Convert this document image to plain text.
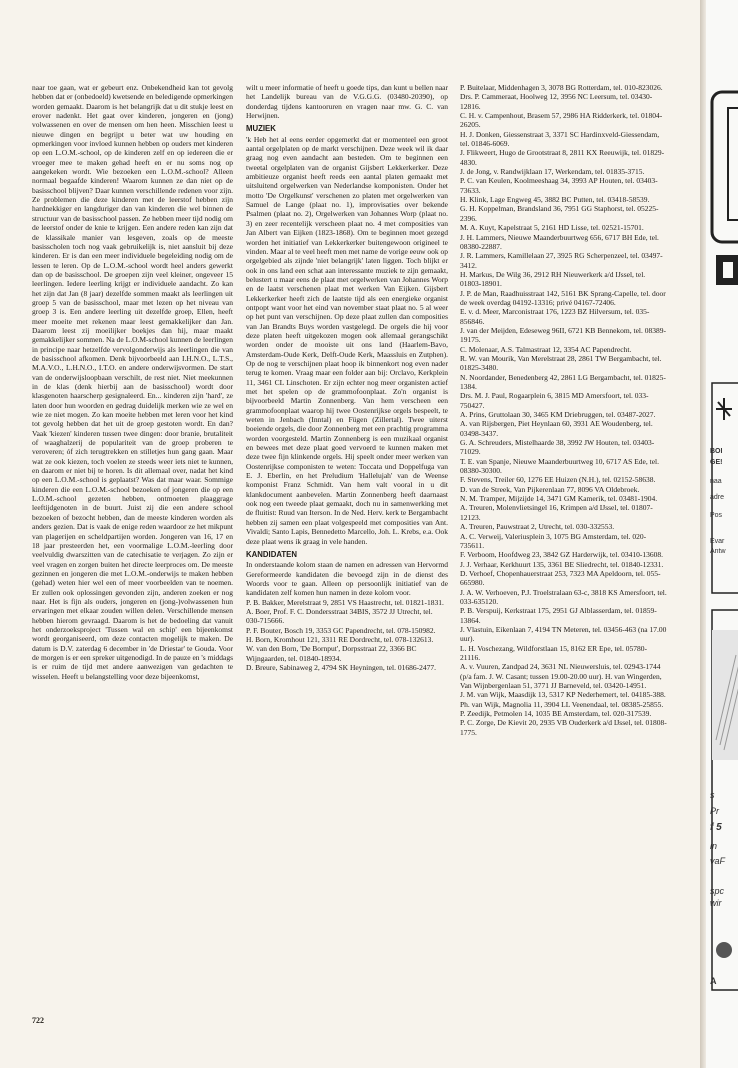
naar toe gaan, wat er gebeurt enz. Onbekendheid kan tot gevolg hebben dat er (onbedoeld) kwetsende en beledigende opmerkingen worden gemaakt. Daarom is het belangrijk dat u dit stukje leest en erover nadenkt. Het gaat over kinderen, jongeren en (jong) volwassenen en over de mensen om hen heen. Misschien leest u nieuwe dingen en begrijpt u beter wat uw houding en opmerkingen voor invloed kunnen hebben op ouders met kinderen op een L.O.M.-school, op de kinderen zelf en op iedereen die er vroeger mee te maken gehad heeft en er nu soms nog op aangekeken wordt. Wie bezoeken een L.O.M.-school? Alleen normaal begaafde kinderen! Waarom kunnen ze dan niet op de basisschool blijven? Daar kunnen verschillende redenen voor zijn. Ze problemen die deze kinderen met de leerstof hebben zijn hardnekkiger en langduriger dan van kinderen die wel binnen de structuur van de basisschool passen. Ze hebben meer tijd nodig om de leerstof onder de knie te krijgen. Een andere reden kan zijn dat de klassikale manier van lesgeven, zoals op de meeste basisscholen toch nog vaak gebruikelijk is, niet aansluit bij deze kinderen. Er is dan een meer individuele begeleiding nodig om de lessen te leren. Op de L.O.M.-school wordt heel anders gewerkt dan op de basisschool. De groepen zijn veel kleiner, ongeveer 15 leerlingen. Iedere leerling krijgt er individuele aandacht. Zo kan het zijn dat Jan (8 jaar) dezelfde sommen maakt als leerlingen uit groep 5 van de basisschool, maar met lezen op het niveau van groep 3 is. Een andere leerling uit dezelfde groep, Ellen, heeft meer moeite met rekenen maar leest gemakkelijker dan Jan. Daarom leest zij moeilijker boekjes dan hij, maar maakt gemakkelijker sommen. Na de L.O.M-school kunnen de leerlingen in principe naar hetzelfde vervolgonderwijs als leerlingen die van de basisschool afkomen. Denk bijvoorbeeld aan I.H.N.O., L.T.S., M.A.V.O., L.H.N.O., I.T.O. en andere onderwijsvormen. De start van de onderwijsloopbaan verschilt, de rest niet. Niet meekunnen in de klas (denk hierbij aan de basisschool) wordt door klasgenoten haarscherp gesignaleerd. En... kinderen zijn 'hard', ze laten door hun woorden en gedrag duidelijk merken wie ze wel en wie ze niet mogen. Zo kan moeite hebben met leren voor het kind tot gevolg hebben dat het uit de groep gestoten wordt. En dan? Vaak 'kiezen' kinderen tussen twee dingen: door branie, brutaliteit of waaghalzerij de populariteit van de groep proberen te veroveren; óf zich terugtrekken en stilletjes hun gang gaan. Maar wat ze ook kiezen, toch voelen ze steeds weer iets niet te kunnen, en daarom er niet bij te horen. Is dit allemaal over, nadat het kind op een L.O.M.-school is geplaatst? Was dat maar waar. Sommige kinderen die een L.O.M.-school bezoeken of jongeren die op een L.O.M.-school gezeten hebben, ontmoeten plaaggrage leeftijdgenoten in de buurt. Juist zij die een andere school bezoeken of bezocht hebben, dan de meeste kinderen worden als anders gezien. Dat is vaak de enige reden waardoor ze het mikpunt van plagerijen en scheldpartijen worden. Jongeren van 16, 17 en 18 jaar presteerden het, een voormalige L.O.M.-leerling door veelvuldig dwarszitten van de catechisatie te verjagen. Zo zijn er veel vragen en zorgen buiten het directe leerproces om. De meeste gezinnen en jongeren die met L.O.M.-onderwijs te maken hebben (gehad) weten hier wel een of meer voorbeelden van te noemen. Er zullen ook oplossingen gevonden zijn, anderen zoeken er nog naar. Het is fijn als ouders, jongeren en (jong-)volwassenen hun ervaringen met elkaar zouden willen delen. Verschillende mensen hebben hierom gevraagd. Daarom is het de bedoeling dat vanuit het onderzoeksproject 'Tussen wal en schip' een bijeenkomst wordt georganiseerd, om deze contacten mogelijk te maken. De datum is D.V. zaterdag 6 december in 'de Driestar' te Gouda. Voor de morgen is er een spreker uitgenodigd. In de pauze en 's middags is er ruim de tijd met andere aanwezigen van gedachten te wisselen. Heeft u belangstelling voor deze bijeenkomst,

wilt u meer informatie of heeft u goede tips, dan kunt u bellen naar het Landelijk bureau van de V.G.G.G. (03480-20390), op donderdag tijdens kantooruren en vragen naar mw. G. C. van Herwijnen.

MUZIEK

'k Heb het al eens eerder opgemerkt dat er momenteel een groot aantal orgelplaten op de markt verschijnen. Deze week wil ik daar graag nog even aandacht aan besteden. Om te beginnen een tweetal orgelplaten van de organist Gijsbert Lekkerkerker. Deze ambitieuze organist heeft reeds een aantal platen gemaakt met uitsluitend orgelwerken van Nederlandse komponisten. Onder het motto 'De Orgelkunst' verschenen zo platen met orgelwerken van Samuel de Lange (plaat no. 1), improvisaties over bekende Psalmen (plaat no. 2), Orgelwerken van Johannes Worp (plaat no. 3) en zeer recentelijk verscheen plaat no. 4 met composities van Jan Albert van Eijken (1823-1868). Om te beginnen moet gezegd worden het initiatief van Lekkerkerker buitengewoon origineel te vinden. Maar al te veel heeft men met name de vorige eeuw ook op orgelgebied als zijnde 'niet belangrijk' laten liggen. Toch blijkt er ook in ons land een schat aan interessante muziek te zijn gemaakt, belustert u maar eens de plaat met orgelwerken van Johannes Worp en de laatst verschenen plaat met werken Van Eijken. Gijsbert Lekkerkerker heeft zich de laatste tijd als een energieke organist ontpopt want voor het eind van november staat plaat no. 5 al weer op het punt van verschijnen. Op deze plaat zullen dan composities van Jan Brandts Buys worden vastgelegd. De orgels die hij voor deze platen heeft uitgekozen mogen ook allemaal gerangschikt worden onder de mooiste uit ons land (Haarlem-Bavo, Amsterdam-Oude Kerk, Delft-Oude Kerk, Maassluis en Zutphen). Op de nog te verschijnen plaat hoop ik binnenkort nog even nader terug te komen. Vraag maar een folder aan bij: Orclavo, Kerkplein 11, 3461 CL Linschoten. Er zijn echter nog meer organisten actief met het spelen op de grammofoonplaat. Zo'n organist is bijvoorbeeld Martin Zonnenberg. Van hem verscheen een grammofoonplaat waarop hij twee Oostenrijkse orgels bespeelt, te weten in Jenbach (Inntal) en Fügen (Zillertal). Twee uiterst boeiende orgels, die door Zonnenberg met een prachtig programma worden voorgesteld. Martin Zonnenberg is een muzikaal organist en bewees met deze plaat goed vervoerd te kunnen maken met deze twee fijn klinkende orgels. Hij speelt onder meer werken van Oostenrijkse componisten te weten: Toccata und Doppelfuga van E. J. Eberlin, en het Preludium 'Hallelujah' van de Weense komponist Franz Schmidt. Van hem valt vooral in u dit klankdocument aanbevelen. Martin Zonnenberg heeft daarnaast ook nog een tweede plaat gemaakt, doch nu in samenwerking met de fluitist: Ruud van Iterson. In de Ned. Herv. kerk te Bergambacht hebben zij samen een plaat volgespeeld met composities van Ant. Vivaldi; Santo Lapis, Bennedetto Marcello, Joh. L. Krebs, e.a. Ook deze plaat wens ik graag in vele handen.

KANDIDATEN

In onderstaande kolom staan de namen en adressen van Hervormd Gereformeerde kandidaten die bevoegd zijn in de dienst des Woords voor te gaan. Alleen op persoonlijk initiatief van de kandidaten zelf komen hun namen in deze kolom voor.

P. B. Bakker, Merelstraat 9, 2851 VS Haastrecht, tel. 01821-1831.

A. Boer, Prof. F. C. Dondersstraat 34BIS, 3572 JJ Utrecht, tel. 030-715666.

P. F. Bouter, Bosch 19, 3353 GC Papendrecht, tel. 078-150982.

H. Born, Kromhout 121, 3311 RE Dordrecht, tel. 078-132613.

W. van den Born, 'De Bornput', Dorpsstraat 22, 3366 BC Wijngaarden, tel. 01840-18934.

D. Breure, Sabinaweg 2, 4794 SK Heyningen, tel. 01686-2477.

P. Buitelaar, Middenhagen 3, 3078 BG Rotterdam, tel. 010-823026.

Drs. P. Cammeraat, Hoolweg 12, 3956 NC Leersum, tel. 03430-12816.

C. H. v. Campenhout, Brasem 57, 2986 HA Ridderkerk, tel. 01804-26205.

H. J. Donken, Giessenstraat 3, 3371 SC Hardinxveld-Giessendam, tel. 01846-6069.

J. Flikweert, Hugo de Grootstraat 8, 2811 KX Reeuwijk, tel. 01829-4830.

J. de Jong, v. Randwijklaan 17, Werkendam, tel. 01835-3715.

P. C. van Keulen, Koolmeeshaag 34, 3993 AP Houten, tel. 03403-73633.

H. Klink, Lage Engweg 45, 3882 BC Putten, tel. 03418-58539.

G. H. Koppelman, Brandsland 36, 7951 GG Staphorst, tel. 05225-2396.

M. A. Kuyt, Kapelstraat 5, 2161 HD Lisse, tel. 02521-15701.

J. H. Lammers, Nieuwe Maanderbuurtweg 656, 6717 BH Ede, tel. 08380-22887.

J. R. Lammers, Kamillelaan 27, 3925 RG Scherpenzeel, tel. 03497-3412.

H. Markus, De Wilg 36, 2912 RH Nieuwerkerk a/d IJssel, tel. 01803-18901.

J. P. de Man, Raadhuisstraat 142, 5161 BK Sprang-Capelle, tel. door de week overdag 04192-13316; privé 04167-72406.

E. v. d. Meer, Marconistraat 176, 1223 BZ Hilversum, tel. 035-856846.

J. van der Meijden, Edeseweg 96II, 6721 KB Bennekom, tel. 08389-19175.

C. Molenaar, A.S. Talmastraat 12, 3354 AC Papendrecht.

R. W. van Mourik, Van Merelstraat 28, 2861 TW Bergambacht, tel. 01825-3480.

N. Noordander, Benedenberg 42, 2861 LG Bergambacht, tel. 01825-1384.

Drs. M. J. Paul, Rogaarplein 6, 3815 MD Amersfoort, tel. 033-750427.

A. Prins, Gruttolaan 30, 3465 KM Driebruggen, tel. 03487-2027.

A. van Rijsbergen, Piet Heynlaan 60, 3931 AE Woudenberg, tel. 03498-3437.

G. A. Schreuders, Mistelhaarde 38, 3992 JW Houten, tel. 03403-71029.

T. E. van Spanje, Nieuwe Maanderbuurtweg 10, 6717 AS Ede, tel. 08380-30300.

F. Stevens, Treiler 60, 1276 EE Huizen (N.H.), tel. 02152-58638.

D. van de Streek, Van Pijkerenlaan 77, 8096 VA Oldebroek.

N. M. Tramper, Mijzijde 14, 3471 GM Kamerik, tel. 03481-1904.

A. Treuren, Molenvlietsingel 16, Krimpen a/d IJssel, tel. 01807-12123.

A. Treuren, Pauwstraat 2, Utrecht, tel. 030-332553.

A. C. Verweij, Valeriusplein 3, 1075 BG Amsterdam, tel. 020-735611.

F. Verboom, Hoofdweg 23, 3842 GZ Harderwijk, tel. 03410-13608.

J. J. Verhaar, Kerkhuurt 135, 3361 BE Sliedrecht, tel. 01840-12331.

D. Verhoef, Chopenhauerstraat 253, 7323 MA Apeldoorn, tel. 055-665980.

J. A. W. Verhoeven, P.J. Troelstralaan 63-c, 3818 KS Amersfoort, tel. 033-635120.

P. B. Verspuij, Kerkstraat 175, 2951 GJ Alblasserdam, tel. 01859-13864.

J. Vlastuin, Eikenlaan 7, 4194 TN Meteren, tel. 03456-463 (na 17.00 uur).

L. H. Voschezang, Wildforstlaan 15, 8162 ER Epe, tel. 05780-21116.

A. v. Vuuren, Zandpad 24, 3631 NL Nieuwersluis, tel. 02943-1744 (p/a fam. J. W. Casant; tussen 19.00-20.00 uur). H. van Wingerden, Van Wijnbergenlaan 51, 3771 JJ Barneveld, tel. 03420-14951.

J. M. van Wijk, Maasdijk 13, 5317 KP Nederhemert, tel. 04185-388.

Ph. van Wijk, Magnolia 11, 3904 LL Veenendaal, tel. 08385-25855.

P. Zeedijk, Petmolen 14, 1035 BE Amsterdam, tel. 020-317539.

P. C. Zorge, De Kievit 20, 2935 VB Ouderkerk a/d IJssel, tel. 01808-1775.

722
BOI
GE!
naa
adre
Pos
Evar
Antw
s
Pr
f 5
in
vaF
spc
wir
A
